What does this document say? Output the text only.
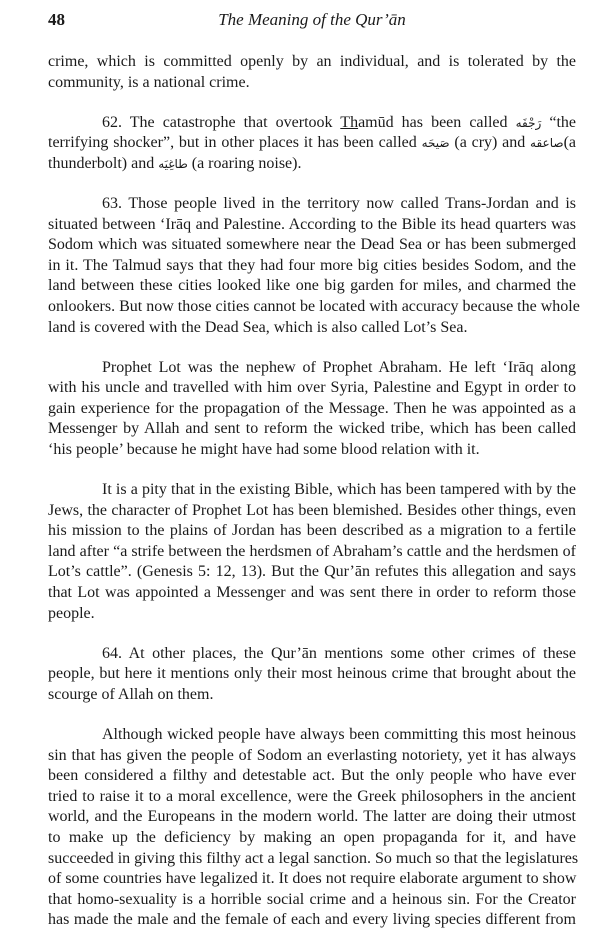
48	The Meaning of the Qur’ān
crime, which is committed openly by an individual, and is tolerated by the
community, is a national crime.
62. The catastrophe that overtook Thamūd has been called رَجْفَه “the
terrifying shocker”, but in other places it has been called صَيحَه (a cry) and صاعقه(a
thunderbolt) and طاغِيَه (a roaring noise).
63. Those people lived in the territory now called Trans-Jordan and is
situated between ‘Irāq and Palestine. According to the Bible its head quarters was
Sodom which was situated somewhere near the Dead Sea or has been submerged
in it. The Talmud says that they had four more big cities besides Sodom, and the
land between these cities looked like one big garden for miles, and charmed the
onlookers. But now those cities cannot be located with accuracy because the whole
land is covered with the Dead Sea, which is also called Lot’s Sea.
Prophet Lot was the nephew of Prophet Abraham. He left ‘Irāq along
with his uncle and travelled with him over Syria, Palestine and Egypt in order to
gain experience for the propagation of the Message. Then he was appointed as a
Messenger by Allah and sent to reform the wicked tribe, which has been called
‘his people’ because he might have had some blood relation with it.
It is a pity that in the existing Bible, which has been tampered with by the
Jews, the character of Prophet Lot has been blemished. Besides other things, even
his mission to the plains of Jordan has been described as a migration to a fertile
land after “a strife between the herdsmen of Abraham’s cattle and the herdsmen of
Lot’s cattle”. (Genesis 5: 12, 13). But the Qur’ān refutes this allegation and says
that Lot was appointed a Messenger and was sent there in order to reform those
people.
64. At other places, the Qur’ān mentions some other crimes of these
people, but here it mentions only their most heinous crime that brought about the
scourge of Allah on them.
Although wicked people have always been committing this most heinous
sin that has given the people of Sodom an everlasting notoriety, yet it has always
been considered a filthy and detestable act. But the only people who have ever
tried to raise it to a moral excellence, were the Greek philosophers in the ancient
world, and the Europeans in the modern world. The latter are doing their utmost
to make up the deficiency by making an open propaganda for it, and have
succeeded in giving this filthy act a legal sanction. So much so that the legislatures
of some countries have legalized it. It does not require elaborate argument to show
that homo-sexuality is a horrible social crime and a heinous sin. For the Creator
has made the male and the female of each and every living species different from
